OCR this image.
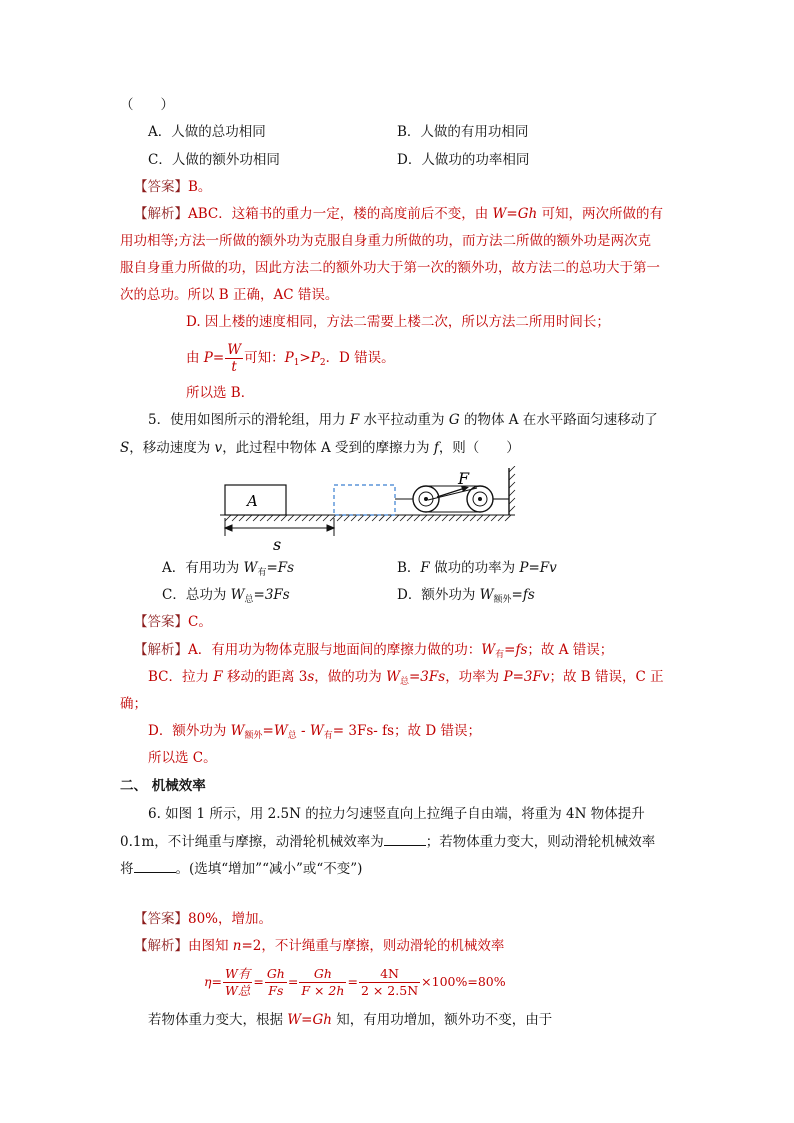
（　　）
A．人做的总功相同	B．人做的有用功相同
C．人做的额外功相同	D．人做功的功率相同
【答案】B。
【解析】ABC．这箱书的重力一定，楼的高度前后不变，由 W=Gh 可知，两次所做的有
用功相等;方法一所做的额外功为克服自身重力所做的功，而方法二所做的额外功是两次克
服自身重力所做的功，因此方法二的额外功大于第一次的额外功，故方法二的总功大于第一
次的总功。所以 B 正确，AC 错误。
D. 因上楼的速度相同，方法二需要上楼二次，所以方法二所用时间长；
由 $P= \frac{W}{t}$ 可知：$P_1>P_2$．D 错误。
所以选 B．
5．使用如图所示的滑轮组，用力 F 水平拉动重为 G 的物体 A 在水平路面匀速移动了
S，移动速度为 v，此过程中物体 A 受到的摩擦力为 f，则（　　）
A
F
s
A．有用功为 $W_有=Fs$	B．F 做功的功率为 P=Fv
C．总功为 $W_总=3Fs$	D．额外功为 $W_{额外}=fs$
【答案】C。
【解析】A．有用功为物体克服与地面间的摩擦力做的功：$W_有=fs$；故 A 错误；
BC．拉力 F 移动的距离 3s，做的功为 $W_总=3Fs$，功率为 P=3Fv；故 B 错误，C 正
确；
D．额外功为 $W_{额外}=W_总 - W_有= 3Fs-$ fs；故 D 错误；
所以选 C。
二、 机械效率
6. 如图 1 所示，用 2.5N 的拉力匀速竖直向上拉绳子自由端，将重为 4N 物体提升
0.1m，不计绳重与摩擦，动滑轮机械效率为	；若物体重力变大，则动滑轮机械效率
将	。(选填“增加”“减小”或“不变”)
【答案】80%，增加。
【解析】由图知 n=2，不计绳重与摩擦，则动滑轮的机械效率
$\eta= \frac{\text{W有}}{\text{W总}} = \frac{Gh}{Fs} = \frac{Gh}{F \times 2h} = \frac{4N}{2 \times 2.5N} \times 100\%=80\%$
若物体重力变大，根据 W=Gh 知，有用功增加，额外功不变，由于
